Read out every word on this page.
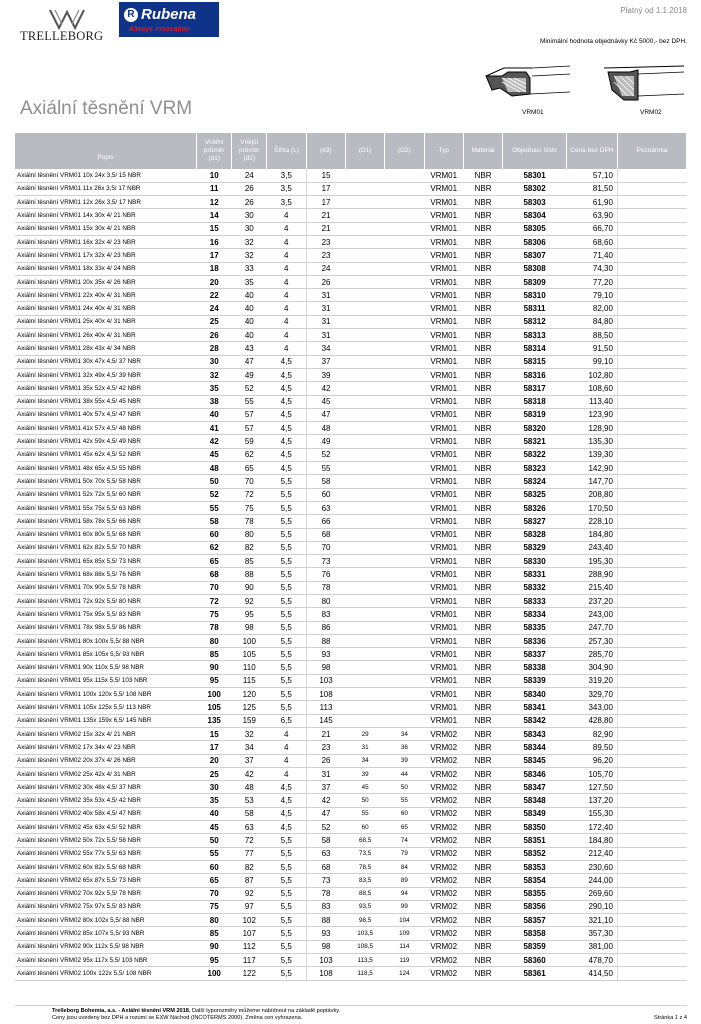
Platný od 1.1.2018
TRELLEBORG
R Rubena
Always innovation
Minimální hodnota objednávky Kč 5000,- bez DPH.
Axiální těsnění VRM	VRM01	VRM02
Popis	Vnitřní průměr (d1)	Vnější průměr (d2)	Šířka (L)	(d3)	(D1)	(D2)	Typ	Materiál	Objednací číslo	Cena bez DPH	Poznámka
Axiální těsnění VRM01 10x 24x 3,5/ 15 NBR	10	24	3,5	15			VRM01	NBR	58301	57,10	
Axiální těsnění VRM01 11x 26x 3,5/ 17 NBR	11	26	3,5	17			VRM01	NBR	58302	81,50	
Axiální těsnění VRM01 12x 26x 3,5/ 17 NBR	12	26	3,5	17			VRM01	NBR	58303	61,90	
Axiální těsnění VRM01 14x 30x 4/ 21 NBR	14	30	4	21			VRM01	NBR	58304	63,90	
Axiální těsnění VRM01 15x 30x 4/ 21 NBR	15	30	4	21			VRM01	NBR	58305	66,70	
Axiální těsnění VRM01 16x 32x 4/ 23 NBR	16	32	4	23			VRM01	NBR	58306	68,60	
Axiální těsnění VRM01 17x 32x 4/ 23 NBR	17	32	4	23			VRM01	NBR	58307	71,40	
Axiální těsnění VRM01 18x 33x 4/ 24 NBR	18	33	4	24			VRM01	NBR	58308	74,30	
Axiální těsnění VRM01 20x 35x 4/ 26 NBR	20	35	4	26			VRM01	NBR	58309	77,20	
Axiální těsnění VRM01 22x 40x 4/ 31 NBR	22	40	4	31			VRM01	NBR	58310	79,10	
Axiální těsnění VRM01 24x 40x 4/ 31 NBR	24	40	4	31			VRM01	NBR	58311	82,00	
Axiální těsnění VRM01 25x 40x 4/ 31 NBR	25	40	4	31			VRM01	NBR	58312	84,80	
Axiální těsnění VRM01 26x 40x 4/ 31 NBR	26	40	4	31			VRM01	NBR	58313	88,50	
Axiální těsnění VRM01 28x 43x 4/ 34 NBR	28	43	4	34			VRM01	NBR	58314	91,50	
Axiální těsnění VRM01 30x 47x 4,5/ 37 NBR	30	47	4,5	37			VRM01	NBR	58315	99,10	
Axiální těsnění VRM01 32x 49x 4,5/ 39 NBR	32	49	4,5	39			VRM01	NBR	58316	102,80	
Axiální těsnění VRM01 35x 52x 4,5/ 42 NBR	35	52	4,5	42			VRM01	NBR	58317	108,60	
Axiální těsnění VRM01 38x 55x 4,5/ 45 NBR	38	55	4,5	45			VRM01	NBR	58318	113,40	
Axiální těsnění VRM01 40x 57x 4,5/ 47 NBR	40	57	4,5	47			VRM01	NBR	58319	123,90	
Axiální těsnění VRM01 41x 57x 4,5/ 48 NBR	41	57	4,5	48			VRM01	NBR	58320	128,90	
Axiální těsnění VRM01 42x 59x 4,5/ 49 NBR	42	59	4,5	49			VRM01	NBR	58321	135,30	
Axiální těsnění VRM01 45x 62x 4,5/ 52 NBR	45	62	4,5	52			VRM01	NBR	58322	139,30	
Axiální těsnění VRM01 48x 65x 4,5/ 55 NBR	48	65	4,5	55			VRM01	NBR	58323	142,90	
Axiální těsnění VRM01 50x 70x 5,5/ 58 NBR	50	70	5,5	58			VRM01	NBR	58324	147,70	
Axiální těsnění VRM01 52x 72x 5,5/ 60 NBR	52	72	5,5	60			VRM01	NBR	58325	208,80	
Axiální těsnění VRM01 55x 75x 5,5/ 63 NBR	55	75	5,5	63			VRM01	NBR	58326	170,50	
Axiální těsnění VRM01 58x 78x 5,5/ 66 NBR	58	78	5,5	66			VRM01	NBR	58327	228,10	
Axiální těsnění VRM01 60x 80x 5,5/ 68 NBR	60	80	5,5	68			VRM01	NBR	58328	184,80	
Axiální těsnění VRM01 62x 82x 5,5/ 70 NBR	62	82	5,5	70			VRM01	NBR	58329	243,40	
Axiální těsnění VRM01 65x 85x 5,5/ 73 NBR	65	85	5,5	73			VRM01	NBR	58330	195,30	
Axiální těsnění VRM01 68x 88x 5,5/ 76 NBR	68	88	5,5	76			VRM01	NBR	58331	288,90	
Axiální těsnění VRM01 70x 90x 5,5/ 78 NBR	70	90	5,5	78			VRM01	NBR	58332	215,40	
Axiální těsnění VRM01 72x 92x 5,5/ 80 NBR	72	92	5,5	80			VRM01	NBR	58333	237,20	
Axiální těsnění VRM01 75x 95x 5,5/ 83 NBR	75	95	5,5	83			VRM01	NBR	58334	243,00	
Axiální těsnění VRM01 78x 98x 5,5/ 86 NBR	78	98	5,5	86			VRM01	NBR	58335	247,70	
Axiální těsnění VRM01 80x 100x 5,5/ 88 NBR	80	100	5,5	88			VRM01	NBR	58336	257,30	
Axiální těsnění VRM01 85x 105x 5,5/ 93 NBR	85	105	5,5	93			VRM01	NBR	58337	285,70	
Axiální těsnění VRM01 90x 110x 5,5/ 98 NBR	90	110	5,5	98			VRM01	NBR	58338	304,90	
Axiální těsnění VRM01 95x 115x 5,5/ 103 NBR	95	115	5,5	103			VRM01	NBR	58339	319,20	
Axiální těsnění VRM01 100x 120x 5,5/ 108 NBR	100	120	5,5	108			VRM01	NBR	58340	329,70	
Axiální těsnění VRM01 105x 125x 5,5/ 113 NBR	105	125	5,5	113			VRM01	NBR	58341	343,00	
Axiální těsnění VRM01 135x 159x 6,5/ 145 NBR	135	159	6,5	145			VRM01	NBR	58342	428,80	
Axiální těsnění VRM02 15x 32x 4/ 21 NBR	15	32	4	21	29	34	VRM02	NBR	58343	82,90	
Axiální těsnění VRM02 17x 34x 4/ 23 NBR	17	34	4	23	31	36	VRM02	NBR	58344	89,50	
Axiální těsnění VRM02 20x 37x 4/ 26 NBR	20	37	4	26	34	39	VRM02	NBR	58345	96,20	
Axiální těsnění VRM02 25x 42x 4/ 31 NBR	25	42	4	31	39	44	VRM02	NBR	58346	105,70	
Axiální těsnění VRM02 30x 48x 4,5/ 37 NBR	30	48	4,5	37	45	50	VRM02	NBR	58347	127,50	
Axiální těsnění VRM02 35x 53x 4,5/ 42 NBR	35	53	4,5	42	50	55	VRM02	NBR	58348	137,20	
Axiální těsnění VRM02 40x 58x 4,5/ 47 NBR	40	58	4,5	47	55	60	VRM02	NBR	58349	155,30	
Axiální těsnění VRM02 45x 63x 4,5/ 52 NBR	45	63	4,5	52	60	65	VRM02	NBR	58350	172,40	
Axiální těsnění VRM02 50x 72x 5,5/ 58 NBR	50	72	5,5	58	68,5	74	VRM02	NBR	58351	184,80	
Axiální těsnění VRM02 55x 77x 5,5/ 63 NBR	55	77	5,5	63	73,5	79	VRM02	NBR	58352	212,40	
Axiální těsnění VRM02 60x 82x 5,5/ 68 NBR	60	82	5,5	68	78,5	84	VRM02	NBR	58353	230,60	
Axiální těsnění VRM02 65x 87x 5,5/ 73 NBR	65	87	5,5	73	83,5	89	VRM02	NBR	58354	244,00	
Axiální těsnění VRM02 70x 92x 5,5/ 78 NBR	70	92	5,5	78	88,5	94	VRM02	NBR	58355	269,60	
Axiální těsnění VRM02 75x 97x 5,5/ 83 NBR	75	97	5,5	83	93,5	99	VRM02	NBR	58356	290,10	
Axiální těsnění VRM02 80x 102x 5,5/ 88 NBR	80	102	5,5	88	98,5	104	VRM02	NBR	58357	321,10	
Axiální těsnění VRM02 85x 107x 5,5/ 93 NBR	85	107	5,5	93	103,5	109	VRM02	NBR	58358	357,30	
Axiální těsnění VRM02 90x 112x 5,5/ 98 NBR	90	112	5,5	98	108,5	114	VRM02	NBR	58359	381,00	
Axiální těsnění VRM02 95x 117x 5,5/ 103 NBR	95	117	5,5	103	113,5	119	VRM02	NBR	58360	478,70	
Axiální těsnění VRM02 100x 122x 5,5/ 108 NBR	100	122	5,5	108	118,5	124	VRM02	NBR	58361	414,50	
Trelleborg Bohemia, a.s. - Axiální těsnění VRM 2018. Další typorozměry můžeme nabídnout na základě poptávky.
Ceny jsou uvedeny bez DPH a rozumí se EXW Náchod (INCOTERMS 2000). Změna cen vyhrazena.	Stránka 1 z 4
